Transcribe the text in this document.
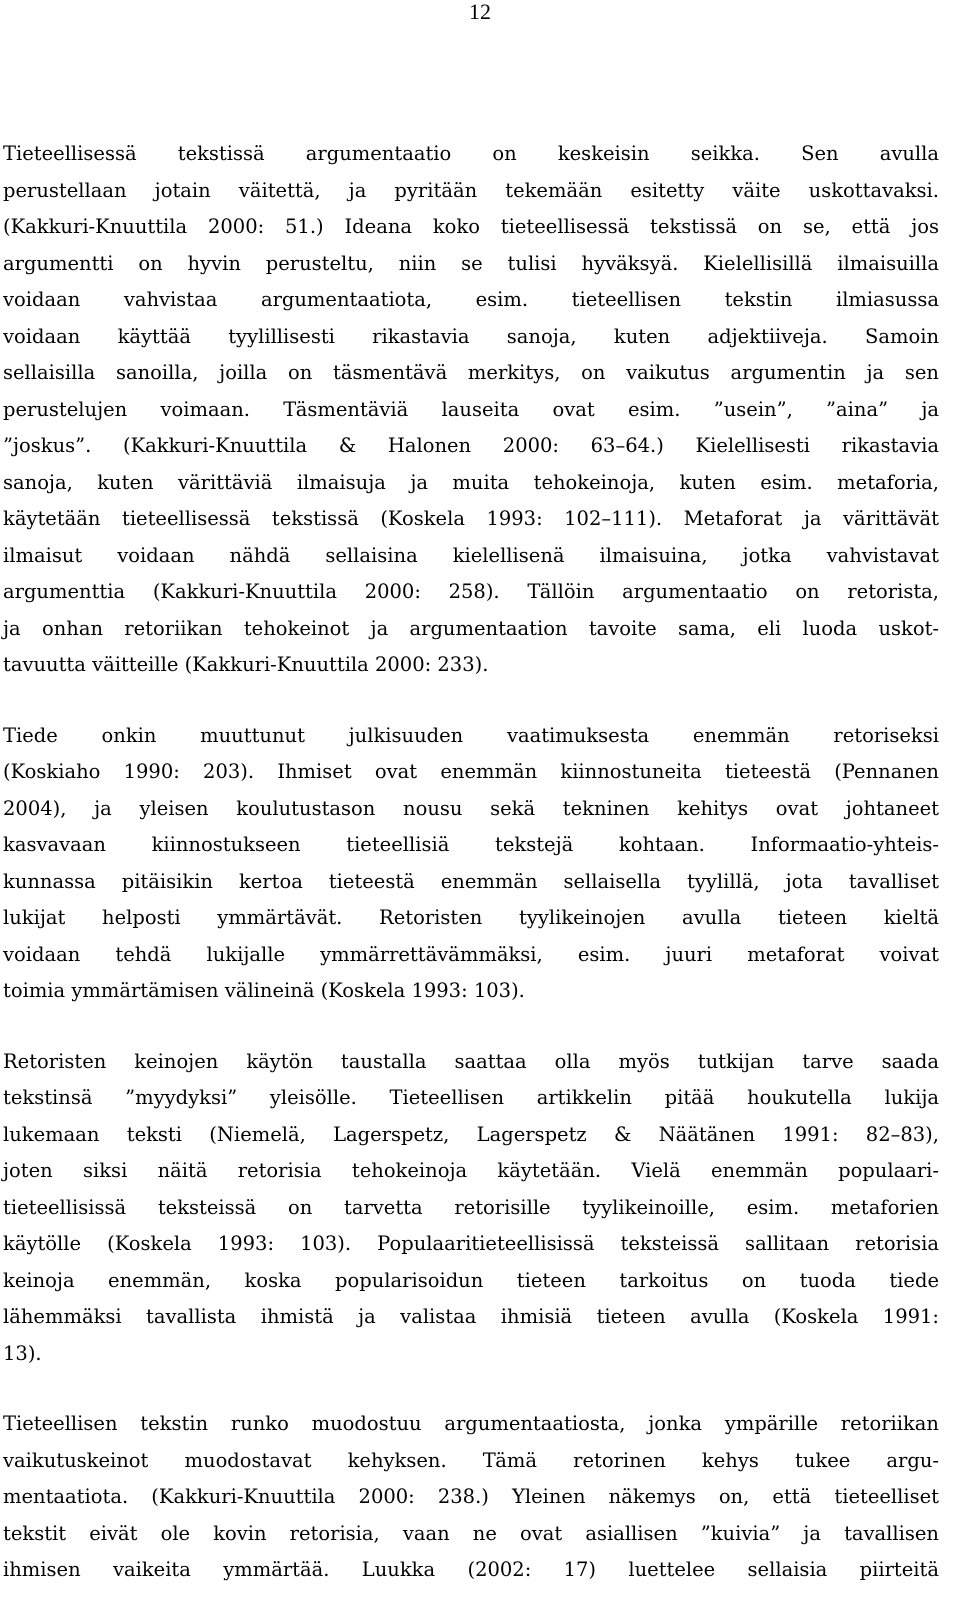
12

Tieteellisessä tekstissä argumentaatio on keskeisin seikka. Sen avulla
perustellaan jotain väitettä, ja pyritään tekemään esitetty väite uskottavaksi.
(Kakkuri-Knuuttila 2000: 51.) Ideana koko tieteellisessä tekstissä on se, että jos
argumentti on hyvin perusteltu, niin se tulisi hyväksyä. Kielellisillä ilmaisuilla
voidaan vahvistaa argumentaatiota, esim. tieteellisen tekstin ilmiasussa
voidaan käyttää tyylillisesti rikastavia sanoja, kuten adjektiiveja. Samoin
sellaisilla sanoilla, joilla on täsmentävä merkitys, on vaikutus argumentin ja sen
perustelujen voimaan. Täsmentäviä lauseita ovat esim. ”usein”, ”aina” ja
”joskus”. (Kakkuri-Knuuttila & Halonen 2000: 63–64.) Kielellisesti rikastavia
sanoja, kuten värittäviä ilmaisuja ja muita tehokeinoja, kuten esim. metaforia,
käytetään tieteellisessä tekstissä (Koskela 1993: 102–111). Metaforat ja värittävät
ilmaisut voidaan nähdä sellaisina kielellisenä ilmaisuina, jotka vahvistavat
argumenttia (Kakkuri-Knuuttila 2000: 258). Tällöin argumentaatio on retorista,
ja onhan retoriikan tehokeinot ja argumentaation tavoite sama, eli luoda uskot-
tavuutta väitteille (Kakkuri-Knuuttila 2000: 233).

Tiede onkin muuttunut julkisuuden vaatimuksesta enemmän retoriseksi
(Koskiaho 1990: 203). Ihmiset ovat enemmän kiinnostuneita tieteestä (Pennanen
2004), ja yleisen koulutustason nousu sekä tekninen kehitys ovat johtaneet
kasvavaan kiinnostukseen tieteellisiä tekstejä kohtaan. Informaatio-yhteis-
kunnassa pitäisikin kertoa tieteestä enemmän sellaisella tyylillä, jota tavalliset
lukijat helposti ymmärtävät. Retoristen tyylikeinojen avulla tieteen kieltä
voidaan tehdä lukijalle ymmärrettävämmäksi, esim. juuri metaforat voivat
toimia ymmärtämisen välineinä (Koskela 1993: 103).

Retoristen keinojen käytön taustalla saattaa olla myös tutkijan tarve saada
tekstinsä ”myydyksi” yleisölle. Tieteellisen artikkelin pitää houkutella lukija
lukemaan teksti (Niemelä, Lagerspetz, Lagerspetz & Näätänen 1991: 82–83),
joten siksi näitä retorisia tehokeinoja käytetään. Vielä enemmän populaari-
tieteellisissä teksteissä on tarvetta retorisille tyylikeinoille, esim. metaforien
käytölle (Koskela 1993: 103). Populaaritieteellisissä teksteissä sallitaan retorisia
keinoja enemmän, koska popularisoidun tieteen tarkoitus on tuoda tiede
lähemmäksi tavallista ihmistä ja valistaa ihmisiä tieteen avulla (Koskela 1991:
13).

Tieteellisen tekstin runko muodostuu argumentaatiosta, jonka ympärille retoriikan
vaikutuskeinot muodostavat kehyksen. Tämä retorinen kehys tukee argu-
mentaatiota. (Kakkuri-Knuuttila 2000: 238.) Yleinen näkemys on, että tieteelliset
tekstit eivät ole kovin retorisia, vaan ne ovat asiallisen ”kuivia” ja tavallisen
ihmisen vaikeita ymmärtää. Luukka (2002: 17) luettelee sellaisia piirteitä
